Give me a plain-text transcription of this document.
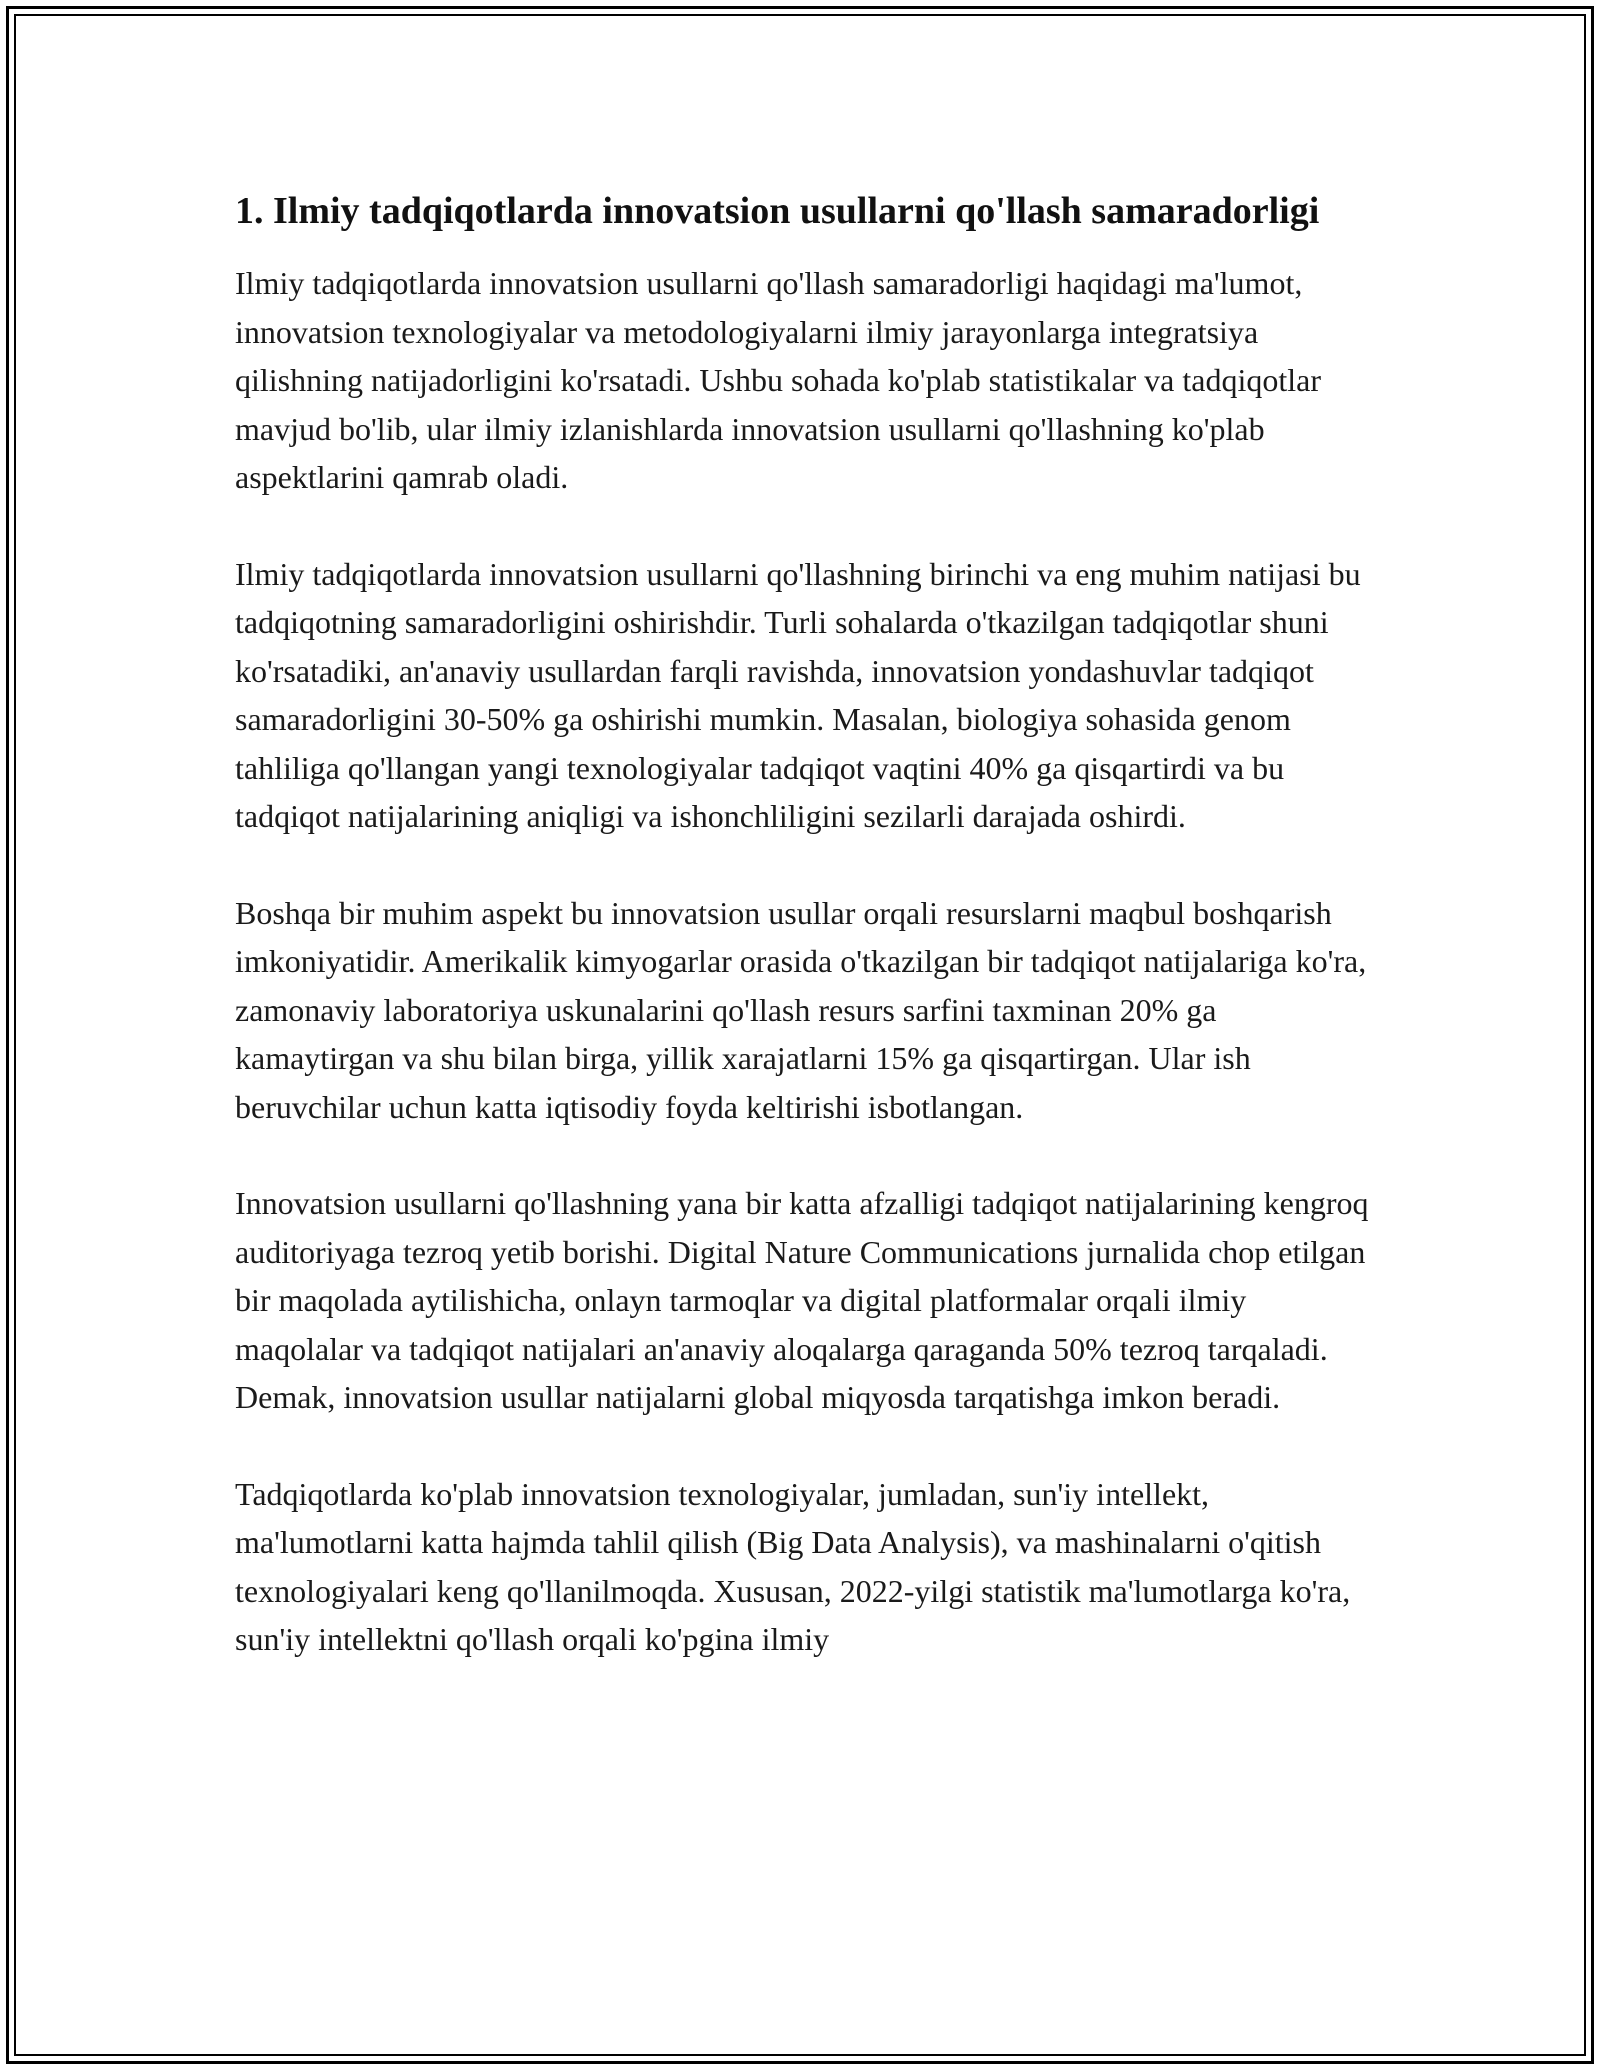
1. Ilmiy tadqiqotlarda innovatsion usullarni qo'llash samaradorligi

Ilmiy tadqiqotlarda innovatsion usullarni qo'llash samaradorligi haqidagi ma'lumot, innovatsion texnologiyalar va metodologiyalarni ilmiy jarayonlarga integratsiya qilishning natijadorligini ko'rsatadi. Ushbu sohada ko'plab statistikalar va tadqiqotlar mavjud bo'lib, ular ilmiy izlanishlarda innovatsion usullarni qo'llashning ko'plab aspektlarini qamrab oladi.

Ilmiy tadqiqotlarda innovatsion usullarni qo'llashning birinchi va eng muhim natijasi bu tadqiqotning samaradorligini oshirishdir. Turli sohalarda o'tkazilgan tadqiqotlar shuni ko'rsatadiki, an'anaviy usullardan farqli ravishda, innovatsion yondashuvlar tadqiqot samaradorligini 30-50% ga oshirishi mumkin. Masalan, biologiya sohasida genom tahliliga qo'llangan yangi texnologiyalar tadqiqot vaqtini 40% ga qisqartirdi va bu tadqiqot natijalarining aniqligi va ishonchliligini sezilarli darajada oshirdi.

Boshqa bir muhim aspekt bu innovatsion usullar orqali resurslarni maqbul boshqarish imkoniyatidir. Amerikalik kimyogarlar orasida o'tkazilgan bir tadqiqot natijalariga ko'ra, zamonaviy laboratoriya uskunalarini qo'llash resurs sarfini taxminan 20% ga kamaytirgan va shu bilan birga, yillik xarajatlarni 15% ga qisqartirgan. Ular ish beruvchilar uchun katta iqtisodiy foyda keltirishi isbotlangan.

Innovatsion usullarni qo'llashning yana bir katta afzalligi tadqiqot natijalarining kengroq auditoriyaga tezroq yetib borishi. Digital Nature Communications jurnalida chop etilgan bir maqolada aytilishicha, onlayn tarmoqlar va digital platformalar orqali ilmiy maqolalar va tadqiqot natijalari an'anaviy aloqalarga qaraganda 50% tezroq tarqaladi. Demak, innovatsion usullar natijalarni global miqyosda tarqatishga imkon beradi.

Tadqiqotlarda ko'plab innovatsion texnologiyalar, jumladan, sun'iy intellekt, ma'lumotlarni katta hajmda tahlil qilish (Big Data Analysis), va mashinalarni o'qitish texnologiyalari keng qo'llanilmoqda. Xususan, 2022-yilgi statistik ma'lumotlarga ko'ra, sun'iy intellektni qo'llash orqali ko'pgina ilmiy
